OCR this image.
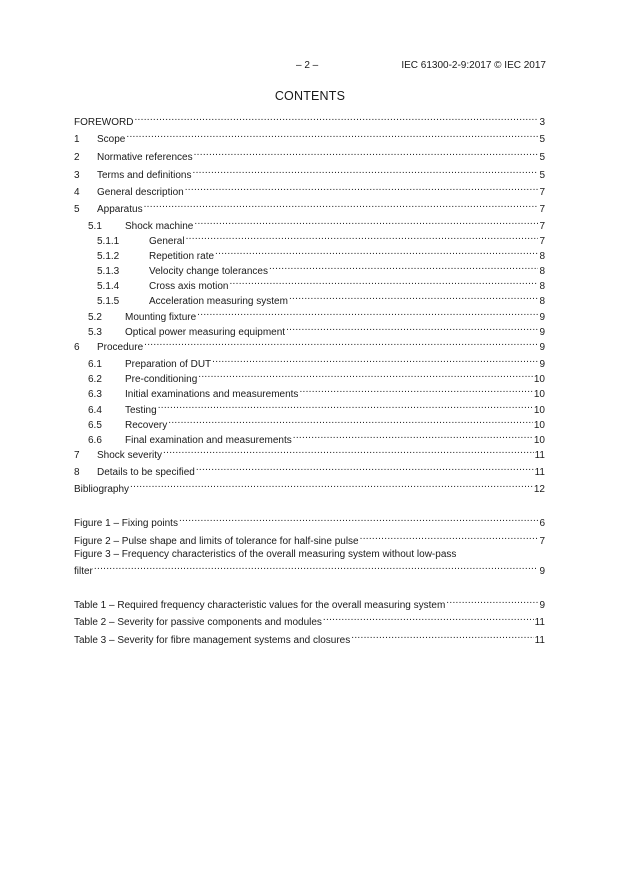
– 2 –	IEC 61300-2-9:2017 © IEC 2017
CONTENTS
FOREWORD .....	3
1	Scope .....	5
2	Normative references .....	5
3	Terms and definitions .....	5
4	General description .....	7
5	Apparatus .....	7
5.1	Shock machine .....	7
5.1.1	General .....	7
5.1.2	Repetition rate .....	8
5.1.3	Velocity change tolerances .....	8
5.1.4	Cross axis motion .....	8
5.1.5	Acceleration measuring system .....	8
5.2	Mounting fixture .....	9
5.3	Optical power measuring equipment .....	9
6	Procedure .....	9
6.1	Preparation of DUT .....	9
6.2	Pre-conditioning .....	10
6.3	Initial examinations and measurements .....	10
6.4	Testing .....	10
6.5	Recovery .....	10
6.6	Final examination and measurements .....	10
7	Shock severity .....	11
8	Details to be specified .....	11
Bibliography .....	12
Figure 1 – Fixing points .....	6
Figure 2 – Pulse shape and limits of tolerance for half-sine pulse .....	7
Figure 3 – Frequency characteristics of the overall measuring system without low-pass
filter .....	9
Table 1 – Required frequency characteristic values for the overall measuring system .....	9
Table 2 – Severity for passive components and modules .....	11
Table 3 – Severity for fibre management systems and closures .....	11
